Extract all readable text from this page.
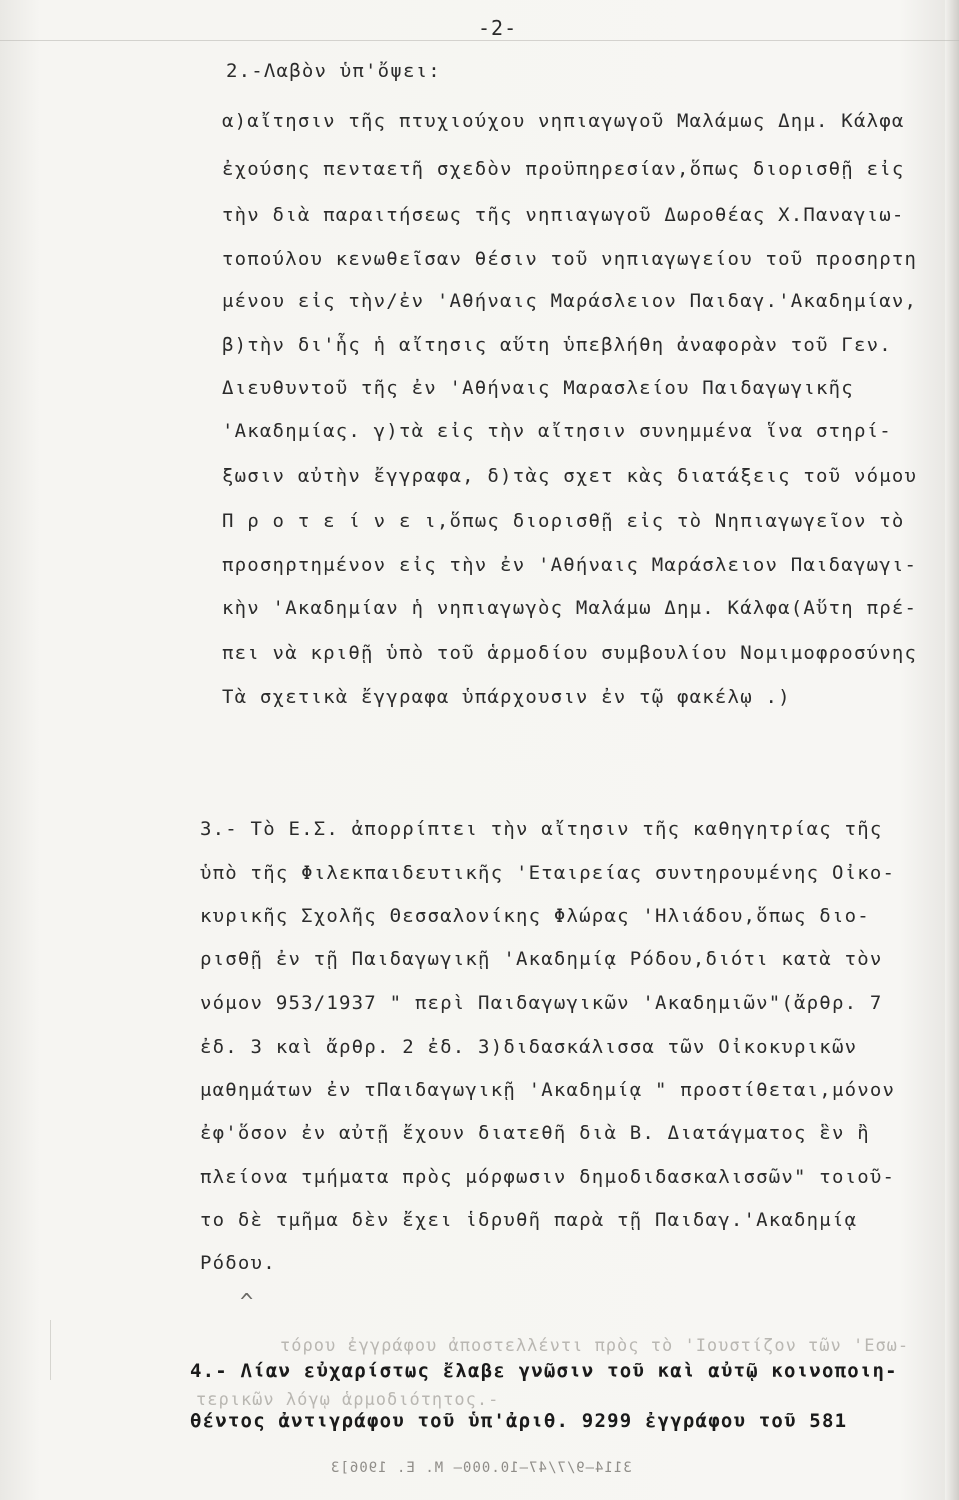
-2-
2.-Λαβὸν ὑπ'ὄψει:
α)αἴτησιν τῆς πτυχιούχου νηπιαγωγοῦ Μαλάμως Δημ. Κάλφα
ἐχούσης πενταετῆ σχεδὸν προϋπηρεσίαν,ὅπως διορισθῇ εἰς
τὴν διὰ παραιτήσεως τῆς νηπιαγωγοῦ Δωροθέας Χ.Παναγιω-
τοπούλου κενωθεῖσαν θέσιν τοῦ νηπιαγωγείου τοῦ προσηρτη
μένου εἰς τὴν/ἐν 'Αθήναις Μαράσλειον Παιδαγ.'Ακαδημίαν,
β)τὴν δι'ἧς ἡ αἴτησις αὕτη ὑπεβλήθη ἀναφορὰν τοῦ Γεν.
Διευθυντοῦ τῆς ἐν 'Αθήναις Μαρασλείου Παιδαγωγικῆς
'Ακαδημίας. γ)τὰ εἰς τὴν αἴτησιν συνημμένα ἵνα στηρί-
ξωσιν αὐτὴν ἔγγραφα, δ)τὰς σχετ κὰς διατάξεις τοῦ νόμου
Π ρ ο τ ε ί ν ε ι,ὅπως διορισθῇ εἰς τὸ Νηπιαγωγεῖον τὸ
προσηρτημένον εἰς τὴν ἐν 'Αθήναις Μαράσλειον Παιδαγωγι-
κὴν 'Ακαδημίαν ἡ νηπιαγωγὸς Μαλάμω Δημ. Κάλφα(Αὕτη πρέ-
πει νὰ κριθῇ ὑπὸ τοῦ ἁρμοδίου συμβουλίου Νομιμοφροσύνης
Τὰ σχετικὰ ἔγγραφα ὑπάρχουσιν ἐν τῷ φακέλῳ .)
3.- Τὸ Ε.Σ. ἀπορρίπτει τὴν αἴτησιν τῆς καθηγητρίας τῆς
ὑπὸ τῆς Φιλεκπαιδευτικῆς 'Εταιρείας συντηρουμένης Οἰκο-
κυρικῆς Σχολῆς Θεσσαλονίκης Φλώρας 'Ηλιάδου,ὅπως διο-
ρισθῇ ἐν τῇ Παιδαγωγικῇ 'Ακαδημίᾳ Ρόδου,διότι κατὰ τὸν
νόμον 953/1937 " περὶ Παιδαγωγικῶν 'Ακαδημιῶν"(ἄρθρ. 7
ἐδ. 3 καὶ ἄρθρ. 2 ἐδ. 3)διδασκάλισσα τῶν Οἰκοκυρικῶν
μαθημάτων ἐν τΠαιδαγωγικῇ 'Ακαδημίᾳ " προστίθεται,μόνον
ἐφ'ὅσον ἐν αὐτῇ ἔχουν διατεθῆ διὰ Β. Διατάγματος ἓν ἢ
πλείονα τμήματα πρὸς μόρφωσιν δημοδιδασκαλισσῶν" τοιοῦ-
το δὲ τμῆμα δὲν ἔχει ἱδρυθῆ παρὰ τῇ Παιδαγ.'Ακαδημίᾳ
Ρόδου.
^
τόρου ἐγγράφου ἀποστελλέντι πρὸς τὸ 'Ιουστίζον τῶν 'Εσω-
τερικῶν λόγῳ ἁρμοδιότητος.-
4.- Λίαν εὐχαρίστως ἔλαβε γνῶσιν τοῦ καὶ αὐτῷ κοινοποιη-
θέντος ἀντιγράφου τοῦ ὑπ'ἀριθ. 9299 ἐγγράφου τοῦ 581
3114—9/7/47—10.000— Μ. Ε. 1906]3
